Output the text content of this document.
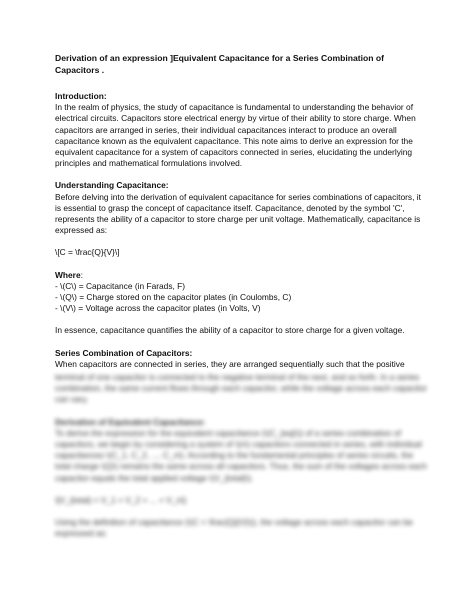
Derivation of an expression ]Equivalent Capacitance for a Series Combination of Capacitors .

Introduction:

In the realm of physics, the study of capacitance is fundamental to understanding the behavior of electrical circuits. Capacitors store electrical energy by virtue of their ability to store charge. When capacitors are arranged in series, their individual capacitances interact to produce an overall capacitance known as the equivalent capacitance. This note aims to derive an expression for the equivalent capacitance for a system of capacitors connected in series, elucidating the underlying principles and mathematical formulations involved.

Understanding Capacitance:

Before delving into the derivation of equivalent capacitance for series combinations of capacitors, it is essential to grasp the concept of capacitance itself. Capacitance, denoted by the symbol 'C', represents the ability of a capacitor to store charge per unit voltage. Mathematically, capacitance is expressed as:

\[C = \frac{Q}{V}\]

Where:

- \(C\) = Capacitance (in Farads, F)
- \(Q\) = Charge stored on the capacitor plates (in Coulombs, C)
- \(V\) = Voltage across the capacitor plates (in Volts, V)

In essence, capacitance quantifies the ability of a capacitor to store charge for a given voltage.

Series Combination of Capacitors:

When capacitors are connected in series, they are arranged sequentially such that the positive

terminal of one capacitor is connected to the negative terminal of the next, and so forth. In a series combination, the same current flows through each capacitor, while the voltage across each capacitor can vary.

Derivation of Equivalent Capacitance:

To derive the expression for the equivalent capacitance (\(C_{eq}\)) of a series combination of capacitors, we begin by considering a system of \(n\) capacitors connected in series, with individual capacitances \(C_1, C_2, ..., C_n\). According to the fundamental principles of series circuits, the total charge \(Q\) remains the same across all capacitors. Thus, the sum of the voltages across each capacitor equals the total applied voltage \(V_{total}\).

\[V_{total} = V_1 + V_2 + ... + V_n\]

Using the definition of capacitance (\(C = \frac{Q}{V}\)), the voltage across each capacitor can be expressed as:
